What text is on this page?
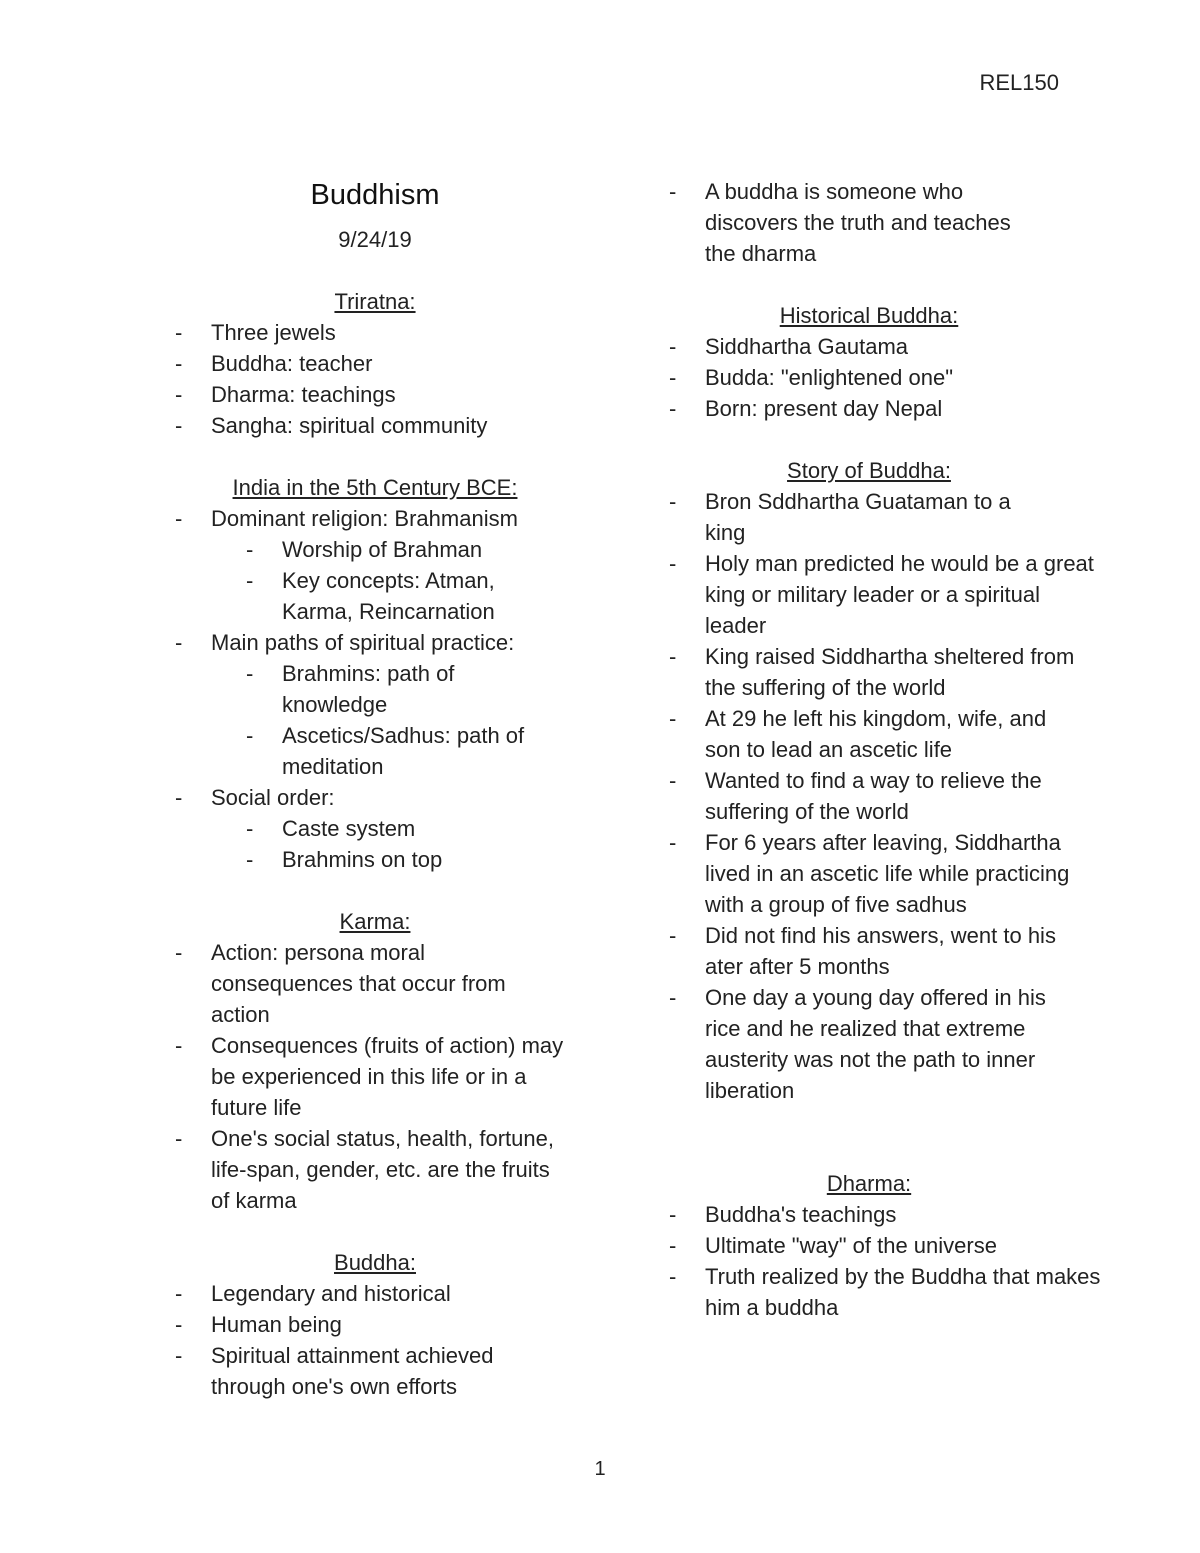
REL150
Buddhism
9/24/19
Triratna:
- Three jewels
- Buddha: teacher
- Dharma: teachings
- Sangha: spiritual community
India in the 5th Century BCE:
- Dominant religion: Brahmanism
- Worship of Brahman
- Key concepts: Atman, Karma, Reincarnation
- Main paths of spiritual practice:
- Brahmins: path of knowledge
- Ascetics/Sadhus: path of meditation
- Social order:
- Caste system
- Brahmins on top
Karma:
- Action: persona moral consequences that occur from action
- Consequences (fruits of action) may be experienced in this life or in a future life
- One's social status, health, fortune, life-span, gender, etc. are the fruits of karma
Buddha:
- Legendary and historical
- Human being
- Spiritual attainment achieved through one's own efforts
- A buddha is someone who discovers the truth and teaches the dharma
Historical Buddha:
- Siddhartha Gautama
- Budda: "enlightened one"
- Born: present day Nepal
Story of Buddha:
- Bron Sddhartha Guataman to a king
- Holy man predicted he would be a great king or military leader or a spiritual leader
- King raised Siddhartha sheltered from the suffering of the world
- At 29 he left his kingdom, wife, and son to lead an ascetic life
- Wanted to find a way to relieve the suffering of the world
- For 6 years after leaving, Siddhartha lived in an ascetic life while practicing with a group of five sadhus
- Did not find his answers, went to his ater after 5 months
- One day a young day offered in his rice and he realized that extreme austerity was not the path to inner liberation
Dharma:
- Buddha's teachings
- Ultimate "way" of the universe
- Truth realized by the Buddha that makes him a buddha
1
